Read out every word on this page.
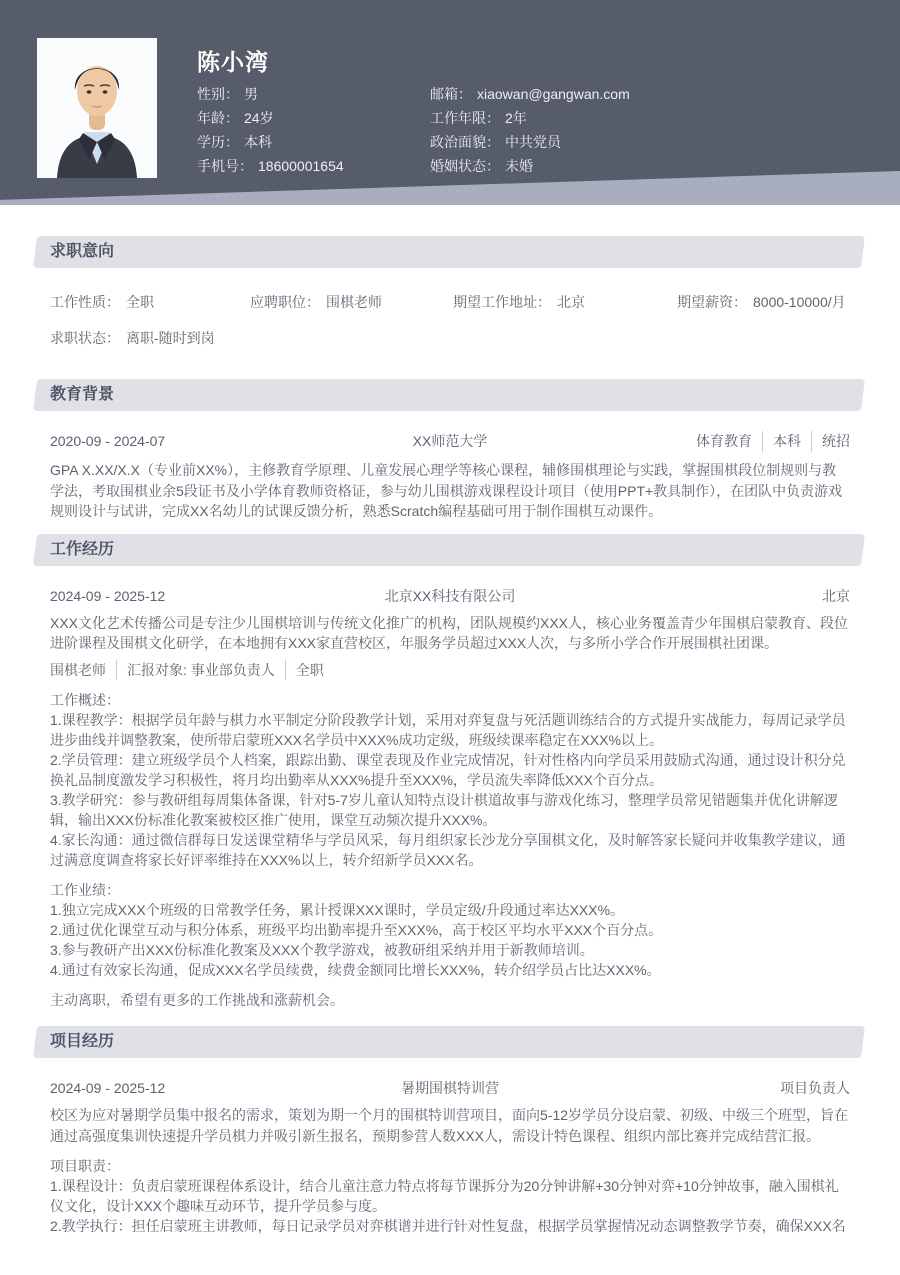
陈小湾
性别： 男	邮箱： xiaowan@gangwan.com
年龄： 24岁	工作年限： 2年
学历： 本科	政治面貌： 中共党员
手机号： 18600001654	婚姻状态： 未婚
求职意向
工作性质： 全职	应聘职位： 围棋老师	期望工作地址： 北京	期望薪资： 8000-10000/月
求职状态： 离职-随时到岗
教育背景
2020-09 - 2024-07	XX师范大学	体育教育	本科	统招
GPA X.XX/X.X（专业前XX%），主修教育学原理、儿童发展心理学等核心课程，辅修围棋理论与实践，掌握围棋段位制规则与教学法，考取围棋业余5段证书及小学体育教师资格证，参与幼儿围棋游戏课程设计项目（使用PPT+教具制作），在团队中负责游戏规则设计与试讲，完成XX名幼儿的试课反馈分析，熟悉Scratch编程基础可用于制作围棋互动课件。
工作经历
2024-09 - 2025-12	北京XX科技有限公司	北京
XXX文化艺术传播公司是专注少儿围棋培训与传统文化推广的机构，团队规模约XXX人，核心业务覆盖青少年围棋启蒙教育、段位进阶课程及围棋文化研学，在本地拥有XXX家直营校区，年服务学员超过XXX人次，与多所小学合作开展围棋社团课。
围棋老师	汇报对象: 事业部负责人	全职
工作概述：
1.课程教学：根据学员年龄与棋力水平制定分阶段教学计划，采用对弈复盘与死活题训练结合的方式提升实战能力，每周记录学员进步曲线并调整教案，使所带启蒙班XXX名学员中XXX%成功定级，班级续课率稳定在XXX%以上。
2.学员管理：建立班级学员个人档案，跟踪出勤、课堂表现及作业完成情况，针对性格内向学员采用鼓励式沟通，通过设计积分兑换礼品制度激发学习积极性，将月均出勤率从XXX%提升至XXX%，学员流失率降低XXX个百分点。
3.教学研究：参与教研组每周集体备课，针对5-7岁儿童认知特点设计棋道故事与游戏化练习，整理学员常见错题集并优化讲解逻辑，输出XXX份标准化教案被校区推广使用，课堂互动频次提升XXX%。
4.家长沟通：通过微信群每日发送课堂精华与学员风采，每月组织家长沙龙分享围棋文化，及时解答家长疑问并收集教学建议，通过满意度调查将家长好评率维持在XXX%以上，转介绍新学员XXX名。
工作业绩：
1.独立完成XXX个班级的日常教学任务，累计授课XXX课时，学员定级/升段通过率达XXX%。
2.通过优化课堂互动与积分体系，班级平均出勤率提升至XXX%，高于校区平均水平XXX个百分点。
3.参与教研产出XXX份标准化教案及XXX个教学游戏，被教研组采纳并用于新教师培训。
4.通过有效家长沟通，促成XXX名学员续费，续费金额同比增长XXX%，转介绍学员占比达XXX%。
主动离职，希望有更多的工作挑战和涨薪机会。
项目经历
2024-09 - 2025-12	暑期围棋特训营	项目负责人
校区为应对暑期学员集中报名的需求，策划为期一个月的围棋特训营项目，面向5-12岁学员分设启蒙、初级、中级三个班型，旨在通过高强度集训快速提升学员棋力并吸引新生报名，预期参营人数XXX人，需设计特色课程、组织内部比赛并完成结营汇报。
项目职责：
1.课程设计：负责启蒙班课程体系设计，结合儿童注意力特点将每节课拆分为20分钟讲解+30分钟对弈+10分钟故事，融入围棋礼仪文化，设计XXX个趣味互动环节，提升学员参与度。
2.教学执行：担任启蒙班主讲教师，每日记录学员对弈棋谱并进行针对性复盘，根据学员掌握情况动态调整教学节奏，确保XXX名
